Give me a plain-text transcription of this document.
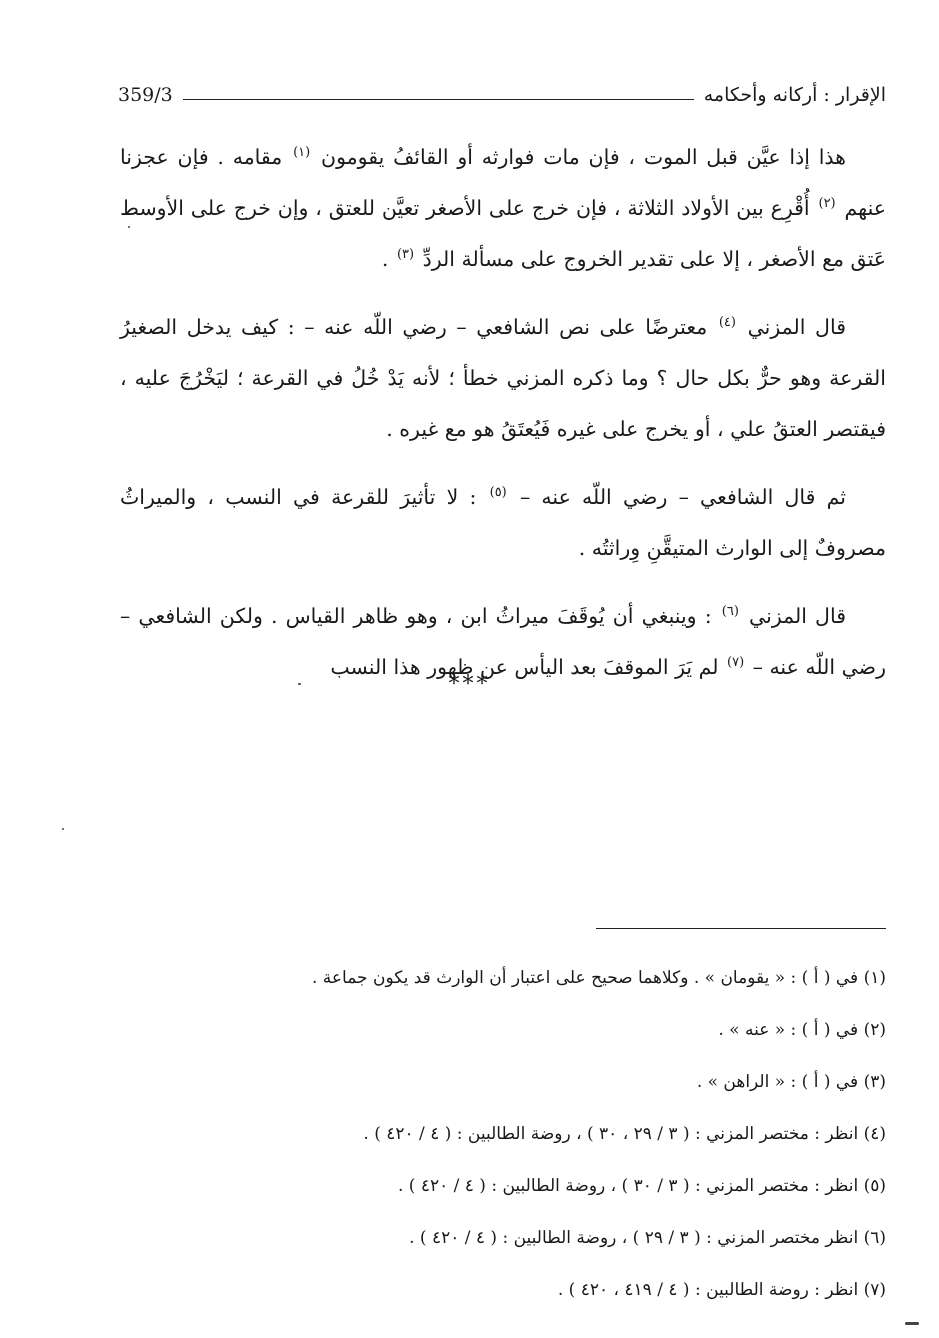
الإقرار : أركانه وأحكامه
359/3

هذا إذا عيَّن قبل الموت ، فإن مات فوارثه أو القائفُ يقومون $^{(١)}$ مقامه . فإن عجزنا عنهم $^{(٢)}$ أُقْرِع بين الأولاد الثلاثة ، فإن خرج على الأصغر تعيَّن للعتق ، وإن خرج على الأوسط عَتق مع الأصغر ، إلا على تقدير الخروج على مسألة الردِّ $^{(٣)}$ .

قال المزني $^{(٤)}$ معترضًا على نص الشافعي – رضي اللّه عنه – : كيف يدخل الصغيرُ القرعة وهو حرٌّ بكل حال ؟ وما ذكره المزني خطأ ؛ لأنه يَدْ خُلُ في القرعة ؛ ليَخْرُجَ عليه ، فيقتصر العتقُ علي ، أو يخرج على غيره فَيُعتَقُ هو مع غيره .

ثم قال الشافعي – رضي اللّه عنه – $^{(٥)}$ : لا تأثيرَ للقرعة في النسب ، والميراثُ مصروفٌ إلى الوارث المتيقَّنِ وِراثتُه .

قال المزني $^{(٦)}$ : وينبغي أن يُوقَفَ ميراثُ ابن ، وهو ظاهر القياس . ولكن الشافعي –رضي اللّه عنه – $^{(٧)}$ لم يَرَ الموقفَ بعد اليأس عن ظهور هذا النسب

***
(١) في ( أ ) : « يقومان » . وكلاهما صحيح على اعتبار أن الوارث قد يكون جماعة .
(٢) في ( أ ) : « عنه » .
(٣) في ( أ ) : « الراهن » .
(٤) انظر : مختصر المزني : ( ٣ / ٢٩ ، ٣٠ ) ، روضة الطالبين : ( ٤ / ٤٢٠ ) .
(٥) انظر : مختصر المزني : ( ٣ / ٣٠ ) ، روضة الطالبين : ( ٤ / ٤٢٠ ) .
(٦) انظر مختصر المزني : ( ٣ / ٢٩ ) ، روضة الطالبين : ( ٤ / ٤٢٠ ) .
(٧) انظر : روضة الطالبين : ( ٤ / ٤١٩ ، ٤٢٠ ) .
